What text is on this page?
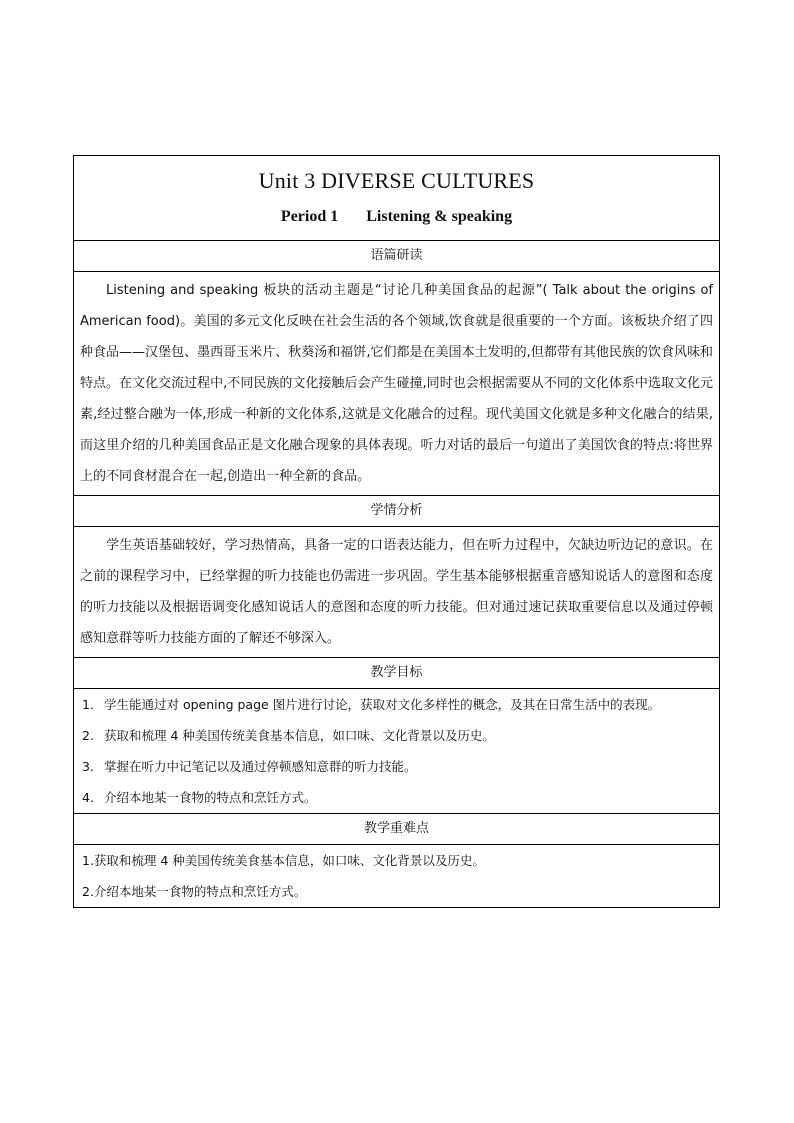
Unit 3 DIVERSE CULTURES
Period 1 Listening & speaking

语篇研读

Listening and speaking 板块的活动主题是“讨论几种美国食品的起源”( Talk about the origins of American food)。美国的多元文化反映在社会生活的各个领域,饮食就是很重要的一个方面。该板块介绍了四种食品——汉堡包、墨西哥玉米片、秋葵汤和福饼,它们都是在美国本土发明的,但都带有其他民族的饮食风味和特点。在文化交流过程中,不同民族的文化接触后会产生碰撞,同时也会根据需要从不同的文化体系中选取文化元素,经过整合融为一体,形成一种新的文化体系,这就是文化融合的过程。现代美国文化就是多种文化融合的结果,而这里介绍的几种美国食品正是文化融合现象的具体表现。听力对话的最后一句道出了美国饮食的特点:将世界上的不同食材混合在一起,创造出一种全新的食品。

学情分析

学生英语基础较好，学习热情高，具备一定的口语表达能力，但在听力过程中，欠缺边听边记的意识。在之前的课程学习中，已经掌握的听力技能也仍需进一步巩固。学生基本能够根据重音感知说话人的意图和态度的听力技能以及根据语调变化感知说话人的意图和态度的听力技能。但对通过速记获取重要信息以及通过停顿感知意群等听力技能方面的了解还不够深入。

教学目标

1. 学生能通过对 opening page 图片进行讨论，获取对文化多样性的概念，及其在日常生活中的表现。
2. 获取和梳理 4 种美国传统美食基本信息，如口味、文化背景以及历史。
3. 掌握在听力中记笔记以及通过停顿感知意群的听力技能。
4. 介绍本地某一食物的特点和烹饪方式。

教学重难点

1.获取和梳理 4 种美国传统美食基本信息，如口味、文化背景以及历史。
2.介绍本地某一食物的特点和烹饪方式。
